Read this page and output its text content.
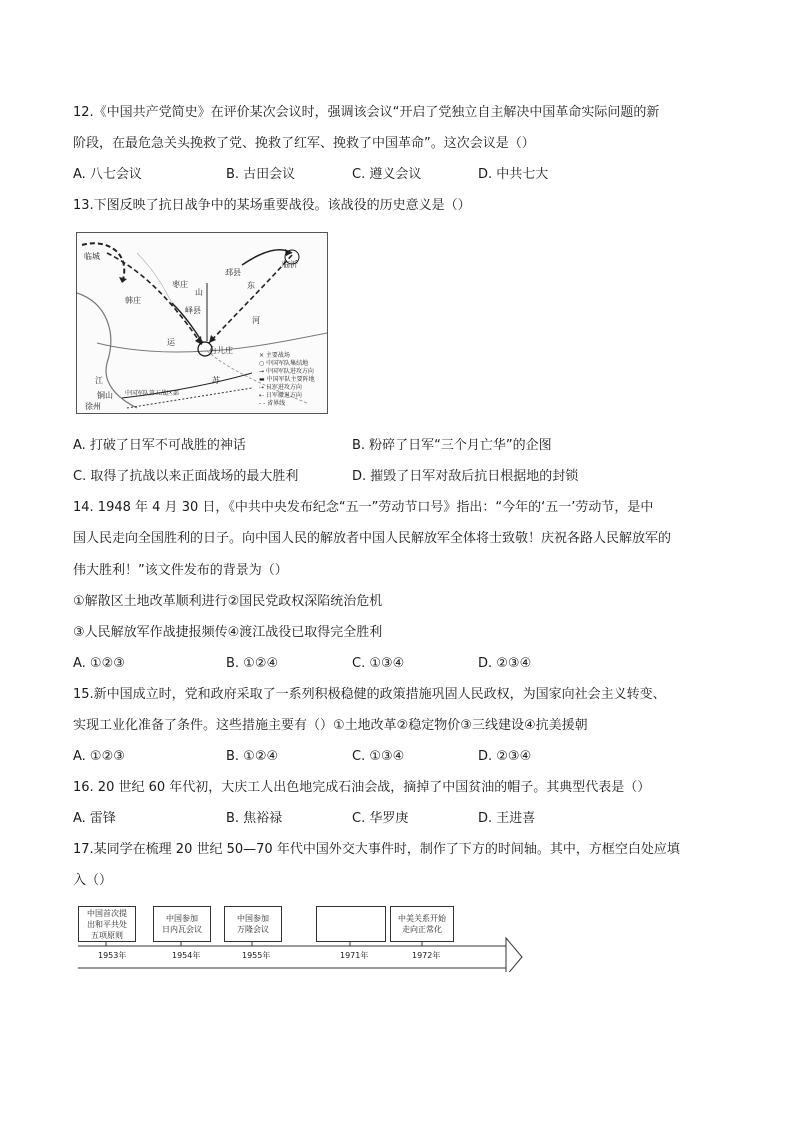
12.《中国共产党简史》在评价某次会议时，强调该会议“开启了党独立自主解决中国革命实际问题的新
阶段，在最危急关头挽救了党、挽救了红军、挽救了中国革命”。这次会议是（）
A. 八七会议	B. 古田会议	C. 遵义会议	D. 中共七大
13.下图反映了抗日战争中的某场重要战役。该战役的历史意义是（）
临城
枣庄
韩庄
峄县
台儿庄
邳县
临沂
东
山
运
河
江	苏
铜山
徐州
中国军队第五战区部
× 主要战场
○ 中国军队集结地
→ 中国军队进攻方向
▬ 中国军队主要阵地
⇢ 日军进攻方向
⇠ 日军撤退方向
- - 省界线
A. 打破了日军不可战胜的神话	B. 粉碎了日军“三个月亡华”的企图
C. 取得了抗战以来正面战场的最大胜利	D. 摧毁了日军对敌后抗日根据地的封锁
14. 1948 年 4 月 30 日，《中共中央发布纪念“五一”劳动节口号》指出：“今年的‘五一’劳动节，是中
国人民走向全国胜利的日子。向中国人民的解放者中国人民解放军全体将士致敬！庆祝各路人民解放军的
伟大胜利！”该文件发布的背景为（）
①解散区土地改革顺利进行②国民党政权深陷统治危机
③人民解放军作战捷报频传④渡江战役已取得完全胜利
A. ①②③	B. ①②④	C. ①③④	D. ②③④
15.新中国成立时，党和政府采取了一系列积极稳健的政策措施巩固人民政权，为国家向社会主义转变、
实现工业化准备了条件。这些措施主要有（）①土地改革②稳定物价③三线建设④抗美援朝
A. ①②③	B. ①②④	C. ①③④	D. ②③④
16. 20 世纪 60 年代初，大庆工人出色地完成石油会战，摘掉了中国贫油的帽子。其典型代表是（）
A. 雷锋	B. 焦裕禄	C. 华罗庚	D. 王进喜
17.某同学在梳理 20 世纪 50—70 年代中国外交大事件时，制作了下方的时间轴。其中，方框空白处应填
入（）
中国首次提
出和平共处
五项原则
中国参加
日内瓦会议
中国参加
万隆会议
中美关系开始
走向正常化
1953年	1954年	1955年	1971年	1972年
